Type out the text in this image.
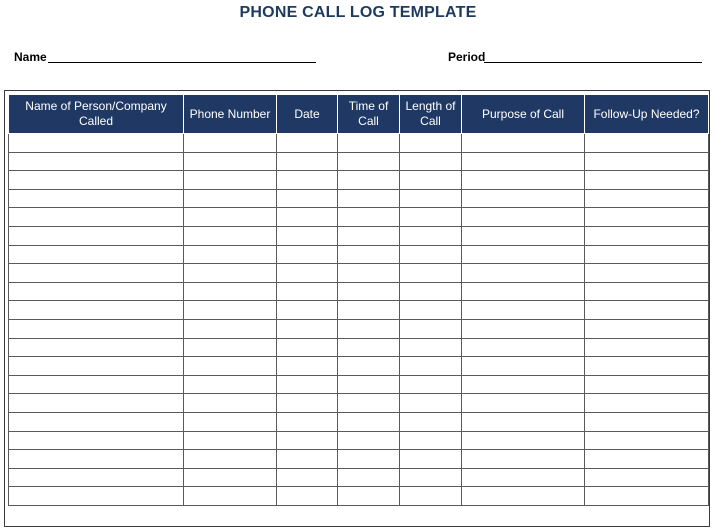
PHONE CALL LOG TEMPLATE
Name	Period
Name of Person/Company Called	Phone Number	Date	Time of Call	Length of Call	Purpose of Call	Follow-Up Needed?
